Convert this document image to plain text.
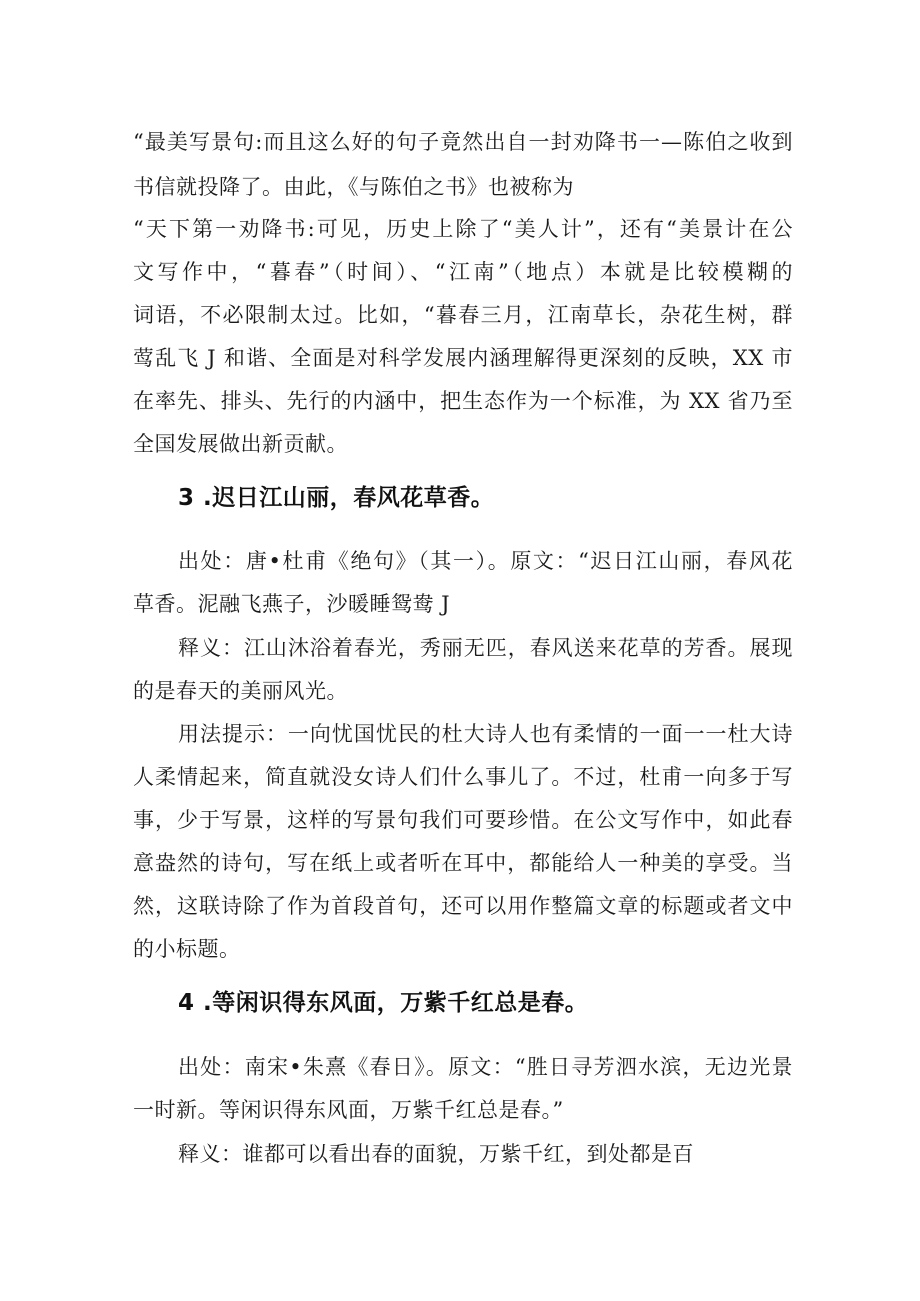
“最美写景句:而且这么好的句子竟然出自一封劝降书一—陈伯之收到
书信就投降了。由此，《与陈伯之书》也被称为
“天下第一劝降书:可见，历史上除了“美人计”，还有“美景计在公
文写作中，“暮春”（时间）、“江南”（地点）本就是比较模糊的
词语，不必限制太过。比如，“暮春三月，江南草长，杂花生树，群
莺乱飞 J 和谐、全面是对科学发展内涵理解得更深刻的反映，XX 市
在率先、排头、先行的内涵中，把生态作为一个标准，为 XX 省乃至
全国发展做出新贡献。
3 .迟日江山丽，春风花草香。
出处：唐•杜甫《绝句》（其一）。原文：“迟日江山丽，春风花
草香。泥融飞燕子，沙暖睡鸳鸯 J
释义：江山沐浴着春光，秀丽无匹，春风送来花草的芳香。展现
的是春天的美丽风光。
用法提示：一向忧国忧民的杜大诗人也有柔情的一面一一杜大诗
人柔情起来，简直就没女诗人们什么事儿了。不过，杜甫一向多于写
事，少于写景，这样的写景句我们可要珍惜。在公文写作中，如此春
意盎然的诗句，写在纸上或者听在耳中，都能给人一种美的享受。当
然，这联诗除了作为首段首句，还可以用作整篇文章的标题或者文中
的小标题。
4 .等闲识得东风面，万紫千红总是春。
出处：南宋•朱熹《春日》。原文：“胜日寻芳泗水滨，无边光景
一时新。等闲识得东风面，万紫千红总是春。”
释义：谁都可以看出春的面貌，万紫千红，到处都是百
